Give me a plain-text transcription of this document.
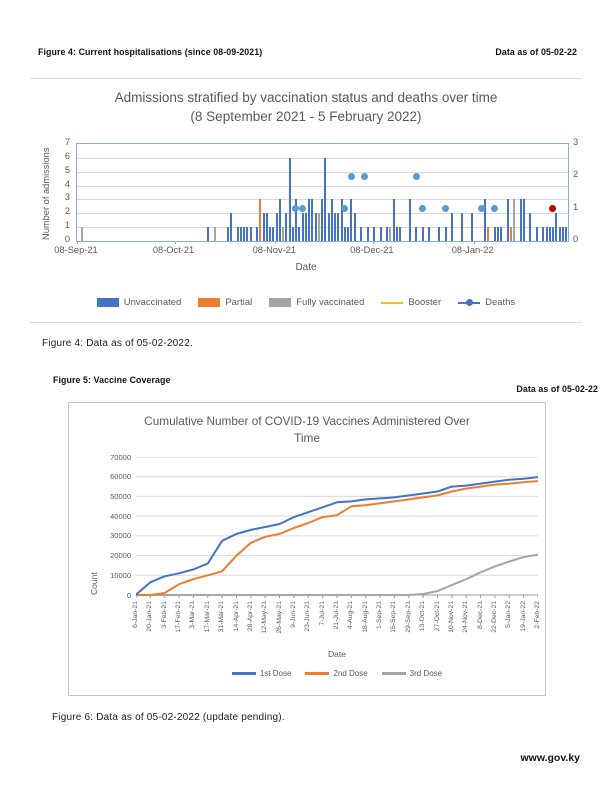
Figure 4: Current hospitalisations (since 08-09-2021)	Data as of 05-02-22
Admissions stratified by vaccination status and deaths over time
(8 September 2021 - 5 February 2022)
Number of admissions 0
1
2
3
4
5
6
7
0
1
2
3
08-Sep-21	08-Oct-21	08-Nov-21	08-Dec-21	08-Jan-22
Date
Unvaccinated	Partial	Fully vaccinated	Booster	Deaths
Figure 4: Data as of 05-02-2022.
Figure 5: Vaccine Coverage
Data as of 05-02-22
Cumulative Number of COVID-19 Vaccines Administered Over Time
Count	0
10000
20000
30000
40000
50000
60000
70000
6-Jan-21 20-Jan-21 3-Feb-21 17-Feb-21 3-Mar-21 17-Mar-21 31-Mar-21 14-Apr-21 28-Apr-21 12-May-21 26-May-21 9-Jun-21 23-Jun-21 7-Jul-21 21-Jul-21 4-Aug-21 18-Aug-21 1-Sep-21 15-Sep-21 29-Sep-21 13-Oct-21 27-Oct-21 10-Nov-21 24-Nov-21 8-Dec-21 22-Dec-21 5-Jan-22 19-Jan-22 2-Feb-22
Date
1st Dose	2nd Dose	3rd Dose
Figure 6: Data as of 05-02-2022 (update pending).
www.gov.ky
